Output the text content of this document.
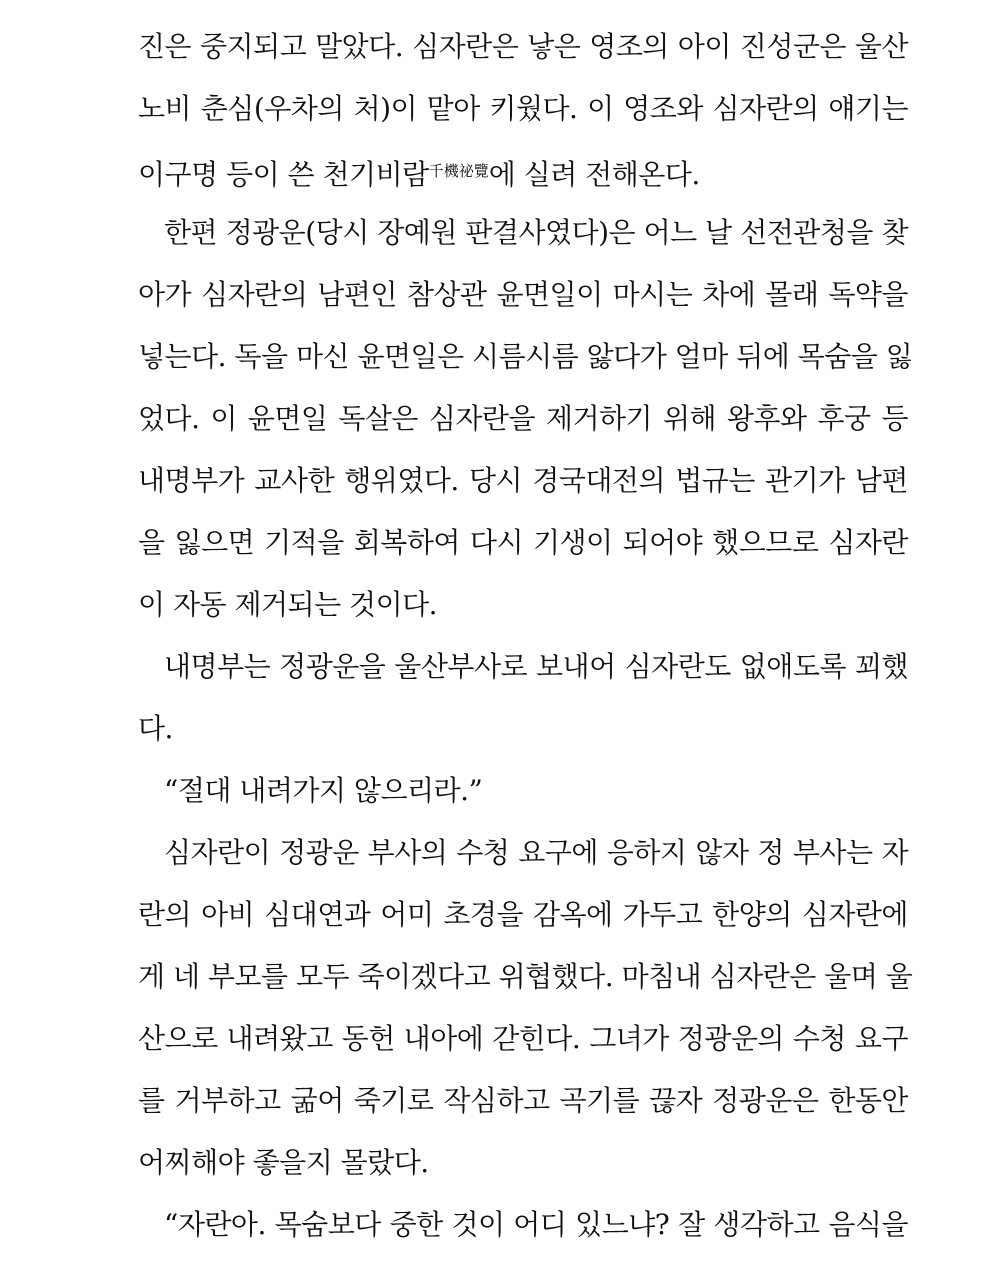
진은 중지되고 말았다. 심자란은 낳은 영조의 아이 진성군은 울산
노비 춘심(우차의 처)이 맡아 키웠다. 이 영조와 심자란의 얘기는
이구명 등이 쓴 천기비람$^{千機祕覽}$에 실려 전해온다.
한편 정광운(당시 장예원 판결사였다)은 어느 날 선전관청을 찾
아가 심자란의 남편인 참상관 윤면일이 마시는 차에 몰래 독약을
넣는다. 독을 마신 윤면일은 시름시름 앓다가 얼마 뒤에 목숨을 잃
었다. 이 윤면일 독살은 심자란을 제거하기 위해 왕후와 후궁 등
내명부가 교사한 행위였다. 당시 경국대전의 법규는 관기가 남편
을 잃으면 기적을 회복하여 다시 기생이 되어야 했으므로 심자란
이 자동 제거되는 것이다.
내명부는 정광운을 울산부사로 보내어 심자란도 없애도록 꾀했
다.
“절대 내려가지 않으리라.”
심자란이 정광운 부사의 수청 요구에 응하지 않자 정 부사는 자
란의 아비 심대연과 어미 초경을 감옥에 가두고 한양의 심자란에
게 네 부모를 모두 죽이겠다고 위협했다. 마침내 심자란은 울며 울
산으로 내려왔고 동헌 내아에 갇힌다. 그녀가 정광운의 수청 요구
를 거부하고 굶어 죽기로 작심하고 곡기를 끊자 정광운은 한동안
어찌해야 좋을지 몰랐다.
“자란아. 목숨보다 중한 것이 어디 있느냐? 잘 생각하고 음식을
